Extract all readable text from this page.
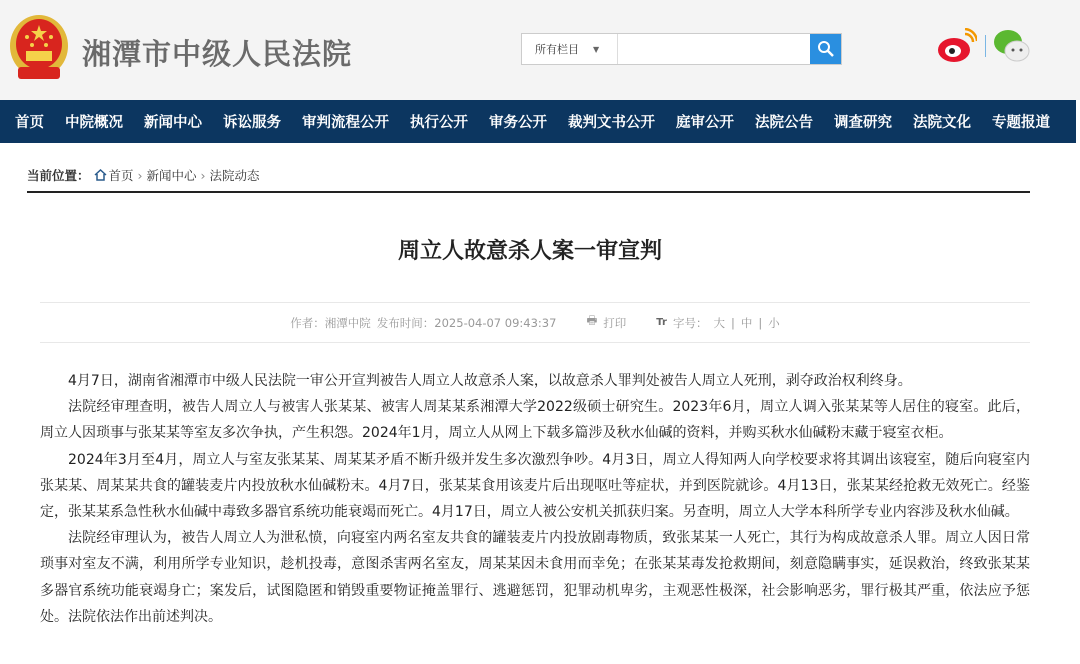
湘潭市中级人民法院	所有栏目 ▼
首页 中院概况 新闻中心 诉讼服务 审判流程公开 执行公开 审务公开 裁判文书公开 庭审公开 法院公告 调查研究 法院文化 专题报道
当前位置： 首页 › 新闻中心 › 法院动态
周立人故意杀人案一审宣判
作者：湘潭中院 发布时间：2025-04-07 09:43:37	🖶 打印	Tr 字号： 大 | 中 | 小

4月7日，湖南省湘潭市中级人民法院一审公开宣判被告人周立人故意杀人案，以故意杀人罪判处被告人周立人死刑，剥夺政治权利终身。

法院经审理查明，被告人周立人与被害人张某某、被害人周某某系湘潭大学2022级硕士研究生。2023年6月，周立人调入张某某等人居住的寝室。此后，周立人因琐事与张某某等室友多次争执，产生积怨。2024年1月，周立人从网上下载多篇涉及秋水仙碱的资料，并购买秋水仙碱粉末藏于寝室衣柜。

2024年3月至4月，周立人与室友张某某、周某某矛盾不断升级并发生多次激烈争吵。4月3日，周立人得知两人向学校要求将其调出该寝室，随后向寝室内张某某、周某某共食的罐装麦片内投放秋水仙碱粉末。4月7日，张某某食用该麦片后出现呕吐等症状，并到医院就诊。4月13日，张某某经抢救无效死亡。经鉴定，张某某系急性秋水仙碱中毒致多器官系统功能衰竭而死亡。4月17日，周立人被公安机关抓获归案。另查明，周立人大学本科所学专业内容涉及秋水仙碱。

法院经审理认为，被告人周立人为泄私愤，向寝室内两名室友共食的罐装麦片内投放剧毒物质，致张某某一人死亡，其行为构成故意杀人罪。周立人因日常琐事对室友不满，利用所学专业知识，趁机投毒，意图杀害两名室友，周某某因未食用而幸免；在张某某毒发抢救期间，刻意隐瞒事实，延误救治，终致张某某多器官系统功能衰竭身亡；案发后，试图隐匿和销毁重要物证掩盖罪行、逃避惩罚，犯罪动机卑劣，主观恶性极深，社会影响恶劣，罪行极其严重，依法应予惩处。法院依法作出前述判决。
